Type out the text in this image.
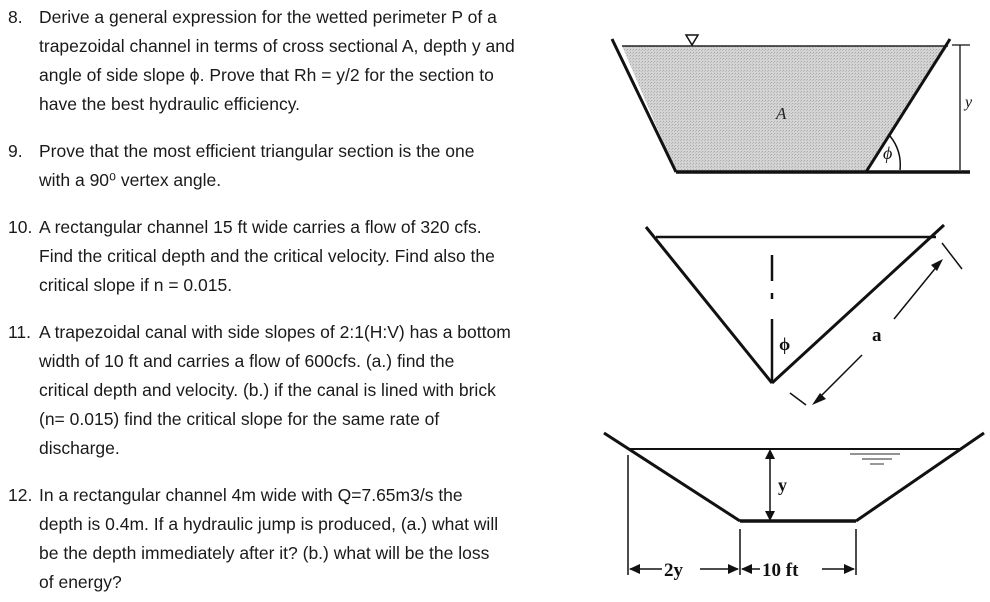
8. Derive a general expression for the wetted perimeter P of a
trapezoidal channel in terms of cross sectional A, depth y and
angle of side slope ϕ. Prove that Rh = y/2 for the section to
have the best hydraulic efficiency.
9. Prove that the most efficient triangular section is the one
with a 90⁰ vertex angle.
10. A rectangular channel 15 ft wide carries a flow of 320 cfs.
Find the critical depth and the critical velocity. Find also the
critical slope if n = 0.015.
11. A trapezoidal canal with side slopes of 2:1(H:V) has a bottom
width of 10 ft and carries a flow of 600cfs. (a.) find the
critical depth and velocity. (b.) if the canal is lined with brick
(n= 0.015) find the critical slope for the same rate of
discharge.
12. In a rectangular channel 4m wide with Q=7.65m3/s the
depth is 0.4m. If a hydraulic jump is produced, (a.) what will
be the depth immediately after it? (b.) what will be the loss
of energy?
A
y
ϕ
ϕ	a
y
2y	10 ft
